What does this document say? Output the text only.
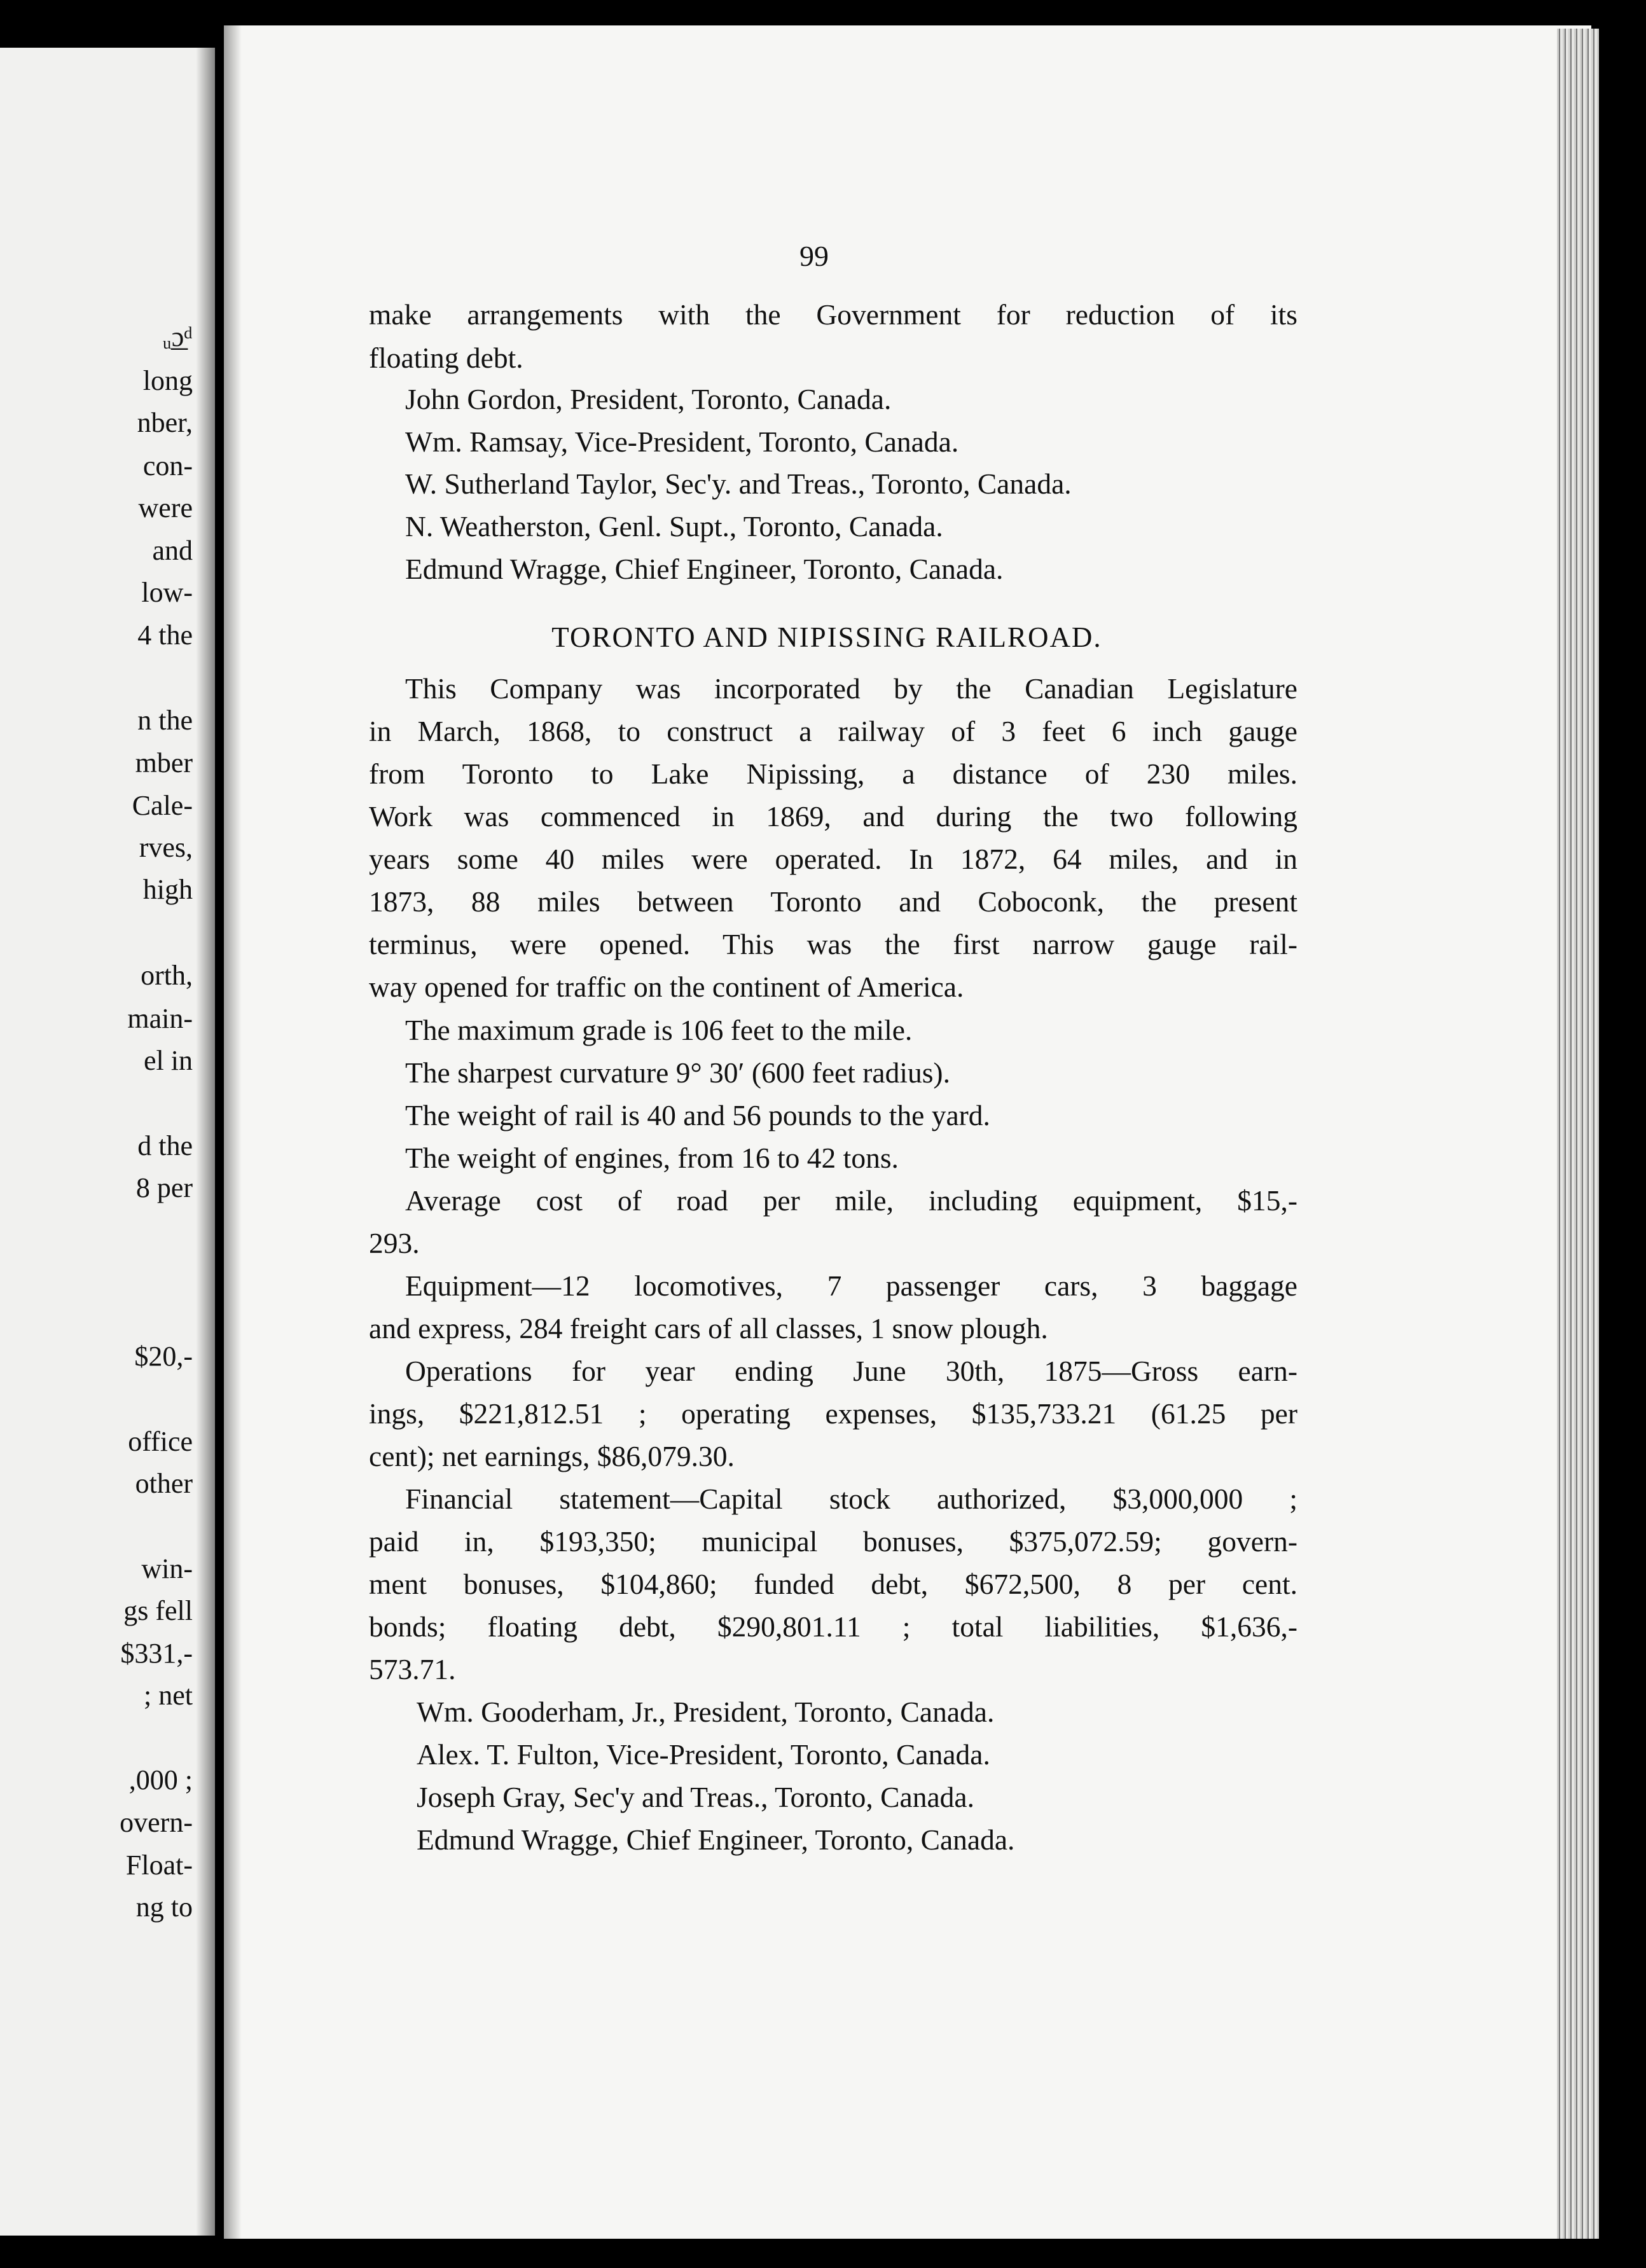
ᵤ͟ɔᵈ
long
nber,
con-
were
and
low-
4 the
n the
mber
Cale-
rves,
high
orth,
main-
el in
d the
8 per
$20,-
office
other
win-
gs fell
$331,-
; net
,000 ;
overn-
Float-
ng to
99
make arrangements with the Government for reduction of its
floating debt.
John Gordon, President, Toronto, Canada.
Wm. Ramsay, Vice-President, Toronto, Canada.
W. Sutherland Taylor, Sec'y. and Treas., Toronto, Canada.
N. Weatherston, Genl. Supt., Toronto, Canada.
Edmund Wragge, Chief Engineer, Toronto, Canada.
TORONTO AND NIPISSING RAILROAD.
This Company was incorporated by the Canadian Legislature
in March, 1868, to construct a railway of 3 feet 6 inch gauge
from Toronto to Lake Nipissing, a distance of 230 miles.
Work was commenced in 1869, and during the two following
years some 40 miles were operated. In 1872, 64 miles, and in
1873, 88 miles between Toronto and Coboconk, the present
terminus, were opened. This was the first narrow gauge rail-
way opened for traffic on the continent of America.
The maximum grade is 106 feet to the mile.
The sharpest curvature 9° 30′ (600 feet radius).
The weight of rail is 40 and 56 pounds to the yard.
The weight of engines, from 16 to 42 tons.
Average cost of road per mile, including equipment, $15,-
293.
Equipment—12 locomotives, 7 passenger cars, 3 baggage
and express, 284 freight cars of all classes, 1 snow plough.
Operations for year ending June 30th, 1875—Gross earn-
ings, $221,812.51 ; operating expenses, $135,733.21 (61.25 per
cent); net earnings, $86,079.30.
Financial statement—Capital stock authorized, $3,000,000 ;
paid in, $193,350; municipal bonuses, $375,072.59; govern-
ment bonuses, $104,860; funded debt, $672,500, 8 per cent.
bonds; floating debt, $290,801.11 ; total liabilities, $1,636,-
573.71.
Wm. Gooderham, Jr., President, Toronto, Canada.
Alex. T. Fulton, Vice-President, Toronto, Canada.
Joseph Gray, Sec'y and Treas., Toronto, Canada.
Edmund Wragge, Chief Engineer, Toronto, Canada.
